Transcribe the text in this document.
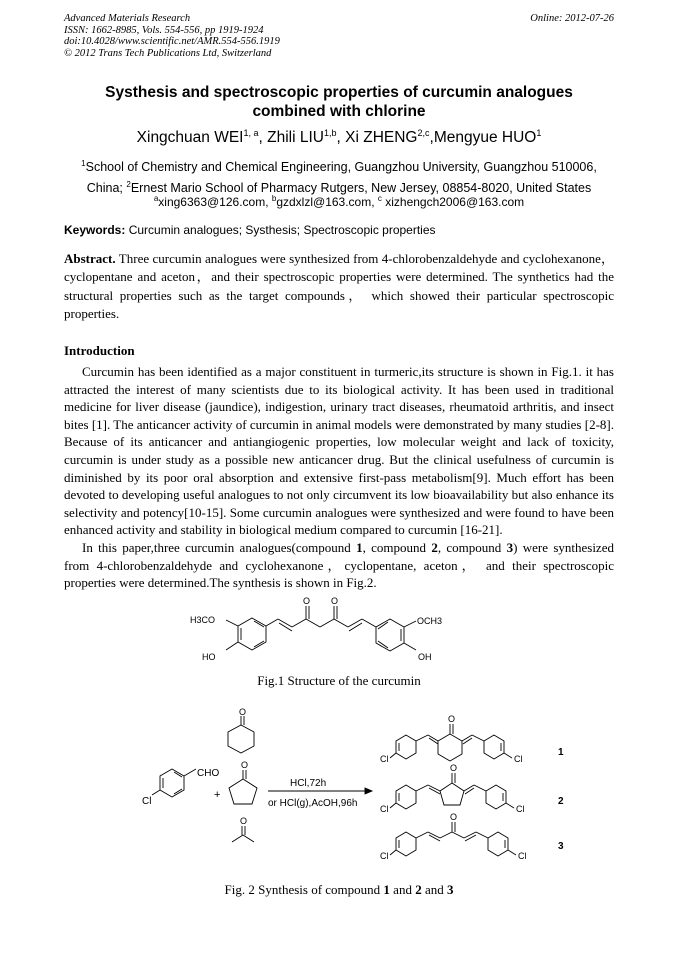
Advanced Materials Research
ISSN: 1662-8985, Vols. 554-556, pp 1919-1924
doi:10.4028/www.scientific.net/AMR.554-556.1919
© 2012 Trans Tech Publications Ltd, Switzerland
Online: 2012-07-26
Systhesis and spectroscopic properties of curcumin analogues
combined with chlorine
Xingchuan WEI$^{1, a}$, Zhili LIU$^{1,b}$, Xi ZHENG$^{2,c}$,Mengyue HUO$^1$
$^1$School of Chemistry and Chemical Engineering, Guangzhou University, Guangzhou 510006,
China; $^2$Ernest Mario School of Pharmacy Rutgers, New Jersey, 08854-8020, United States
$^a$xing6363@126.com, $^b$gzdxlzl@163.com, $^c$ xizhengch2006@163.com
Keywords: Curcumin analogues; Systhesis; Spectroscopic properties
Abstract. Three curcumin analogues were synthesized from 4-chlorobenzaldehyde and cyclohexanone，cyclopentane and aceton，and their spectroscopic properties were determined. The synthetics had the structural properties such as the target compounds， which showed their particular spectroscopic properties.
Introduction

Curcumin has been identified as a major constituent in turmeric,its structure is shown in Fig.1. it has attracted the interest of many scientists due to its biological activity. It has been used in traditional medicine for liver disease (jaundice), indigestion, urinary tract diseases, rheumatoid arthritis, and insect bites [1]. The anticancer activity of curcumin in animal models were demonstrated by many studies [2-8]. Because of its anticancer and antiangiogenic properties, low molecular weight and lack of toxicity, curcumin is under study as a possible new anticancer drug. But the clinical usefulness of curcumin is diminished by its poor oral absorption and extensive first-pass metabolism[9]. Much effort has been devoted to developing useful analogues to not only circumvent its low bioavailability but also enhance its selectivity and potency[10-15]. Some curcumin analogues were synthesized and were found to have been enhanced activity and stability in biological medium compared to curcumin [16-21].

In this paper,three curcumin analogues(compound 1, compound 2, compound 3) were synthesized from 4-chlorobenzaldehyde and cyclohexanone，cyclopentane, aceton， and their spectroscopic properties were determined.The synthesis is shown in Fig.2.

H3CO	OCH3
HO	OH
O O
Fig.1 Structure of the curcumin
CHO
Cl
+
O
O
O
HCl,72h
or HCl(g),AcOH,96h
O
O
O
Cl	Cl
Cl	Cl
Cl	Cl
1
2
3
Fig. 2 Synthesis of compound 1 and 2 and 3
